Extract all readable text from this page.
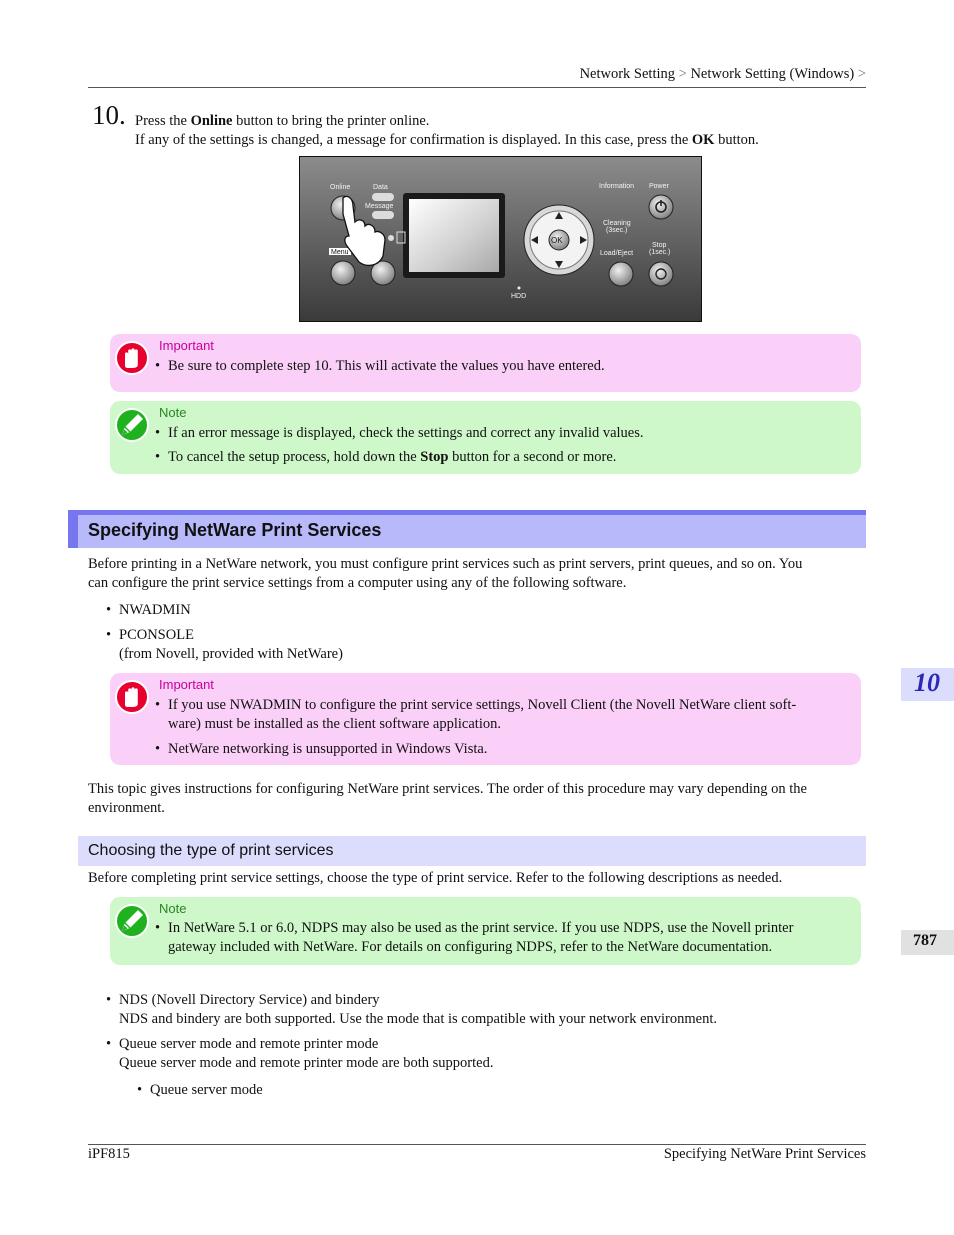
Network Setting > Network Setting (Windows) >
10. Press the Online button to bring the printer online.
If any of the settings is changed, a message for confirmation is displayed. In this case, press the OK button.
Online	Data
Message
Information Power
Cleaning
(3sec.)
Stop
(1sec.)
Load/Eject
HDD
Menu
OK
Important
• Be sure to complete step 10. This will activate the values you have entered.
Note
• If an error message is displayed, check the settings and correct any invalid values.
• To cancel the setup process, hold down the Stop button for a second or more.
Specifying NetWare Print Services
Before printing in a NetWare network, you must configure print services such as print servers, print queues, and so on. You
can configure the print service settings from a computer using any of the following software.
• NWADMIN
• PCONSOLE
(from Novell, provided with NetWare)
Important
• If you use NWADMIN to configure the print service settings, Novell Client (the Novell NetWare client soft-
ware) must be installed as the client software application.
• NetWare networking is unsupported in Windows Vista.
This topic gives instructions for configuring NetWare print services. The order of this procedure may vary depending on the
environment.
Choosing the type of print services
Before completing print service settings, choose the type of print service. Refer to the following descriptions as needed.
Note
• In NetWare 5.1 or 6.0, NDPS may also be used as the print service. If you use NDPS, use the Novell printer
gateway included with NetWare. For details on configuring NDPS, refer to the NetWare documentation.
• NDS (Novell Directory Service) and bindery
NDS and bindery are both supported. Use the mode that is compatible with your network environment.
• Queue server mode and remote printer mode
Queue server mode and remote printer mode are both supported.
• Queue server mode
iPF815	Specifying NetWare Print Services
10
787
